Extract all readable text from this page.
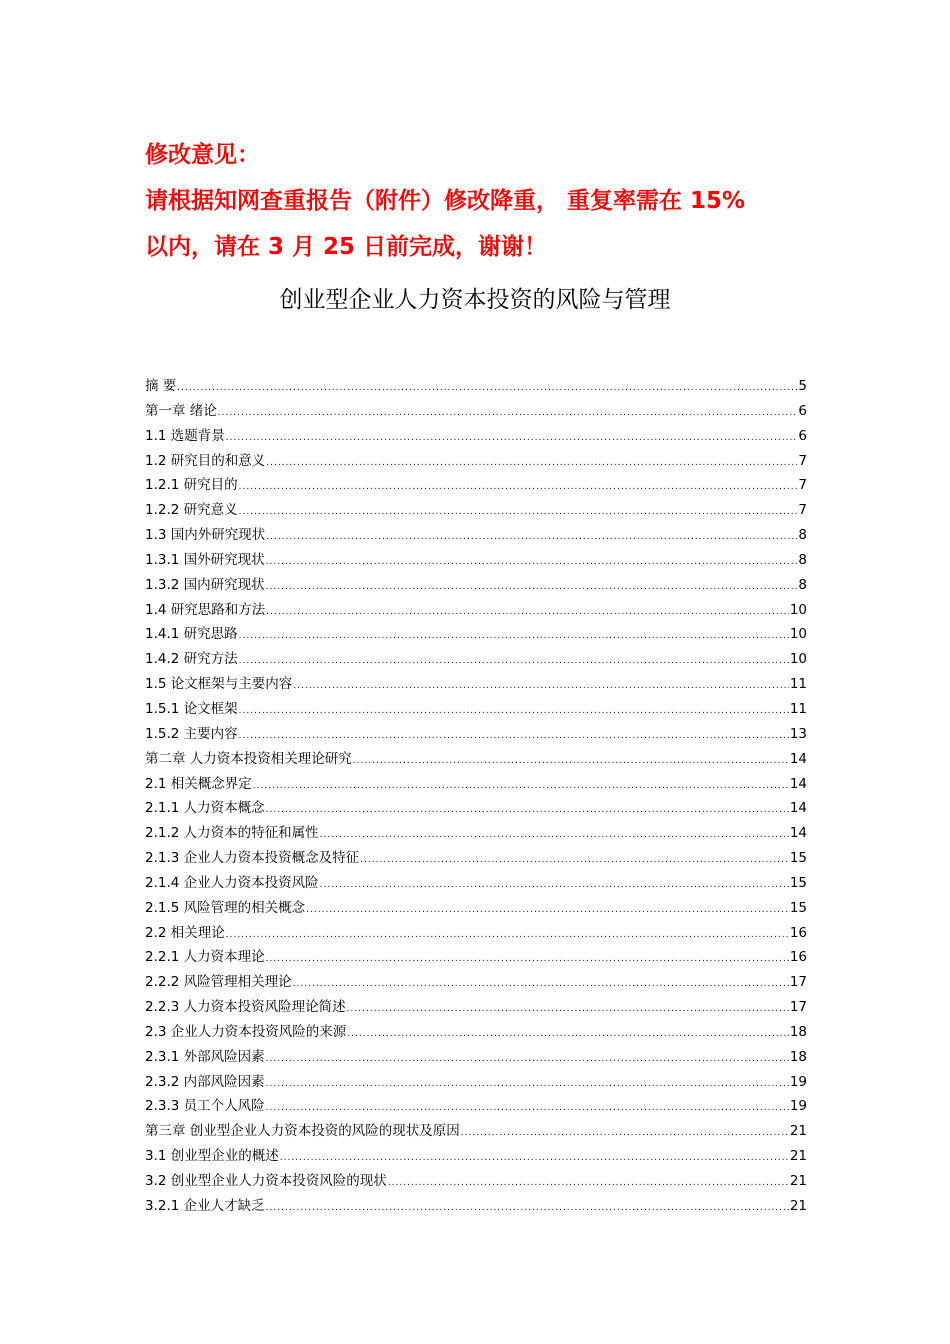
修改意见：
请根据知网查重报告（附件）修改降重， 重复率需在 15%
以内，请在 3 月 25 日前完成，谢谢！
创业型企业人力资本投资的风险与管理
摘 要 .....	5
第一章 绪论 .....	6
1.1 选题背景 .....	6
1.2 研究目的和意义 .....	7
1.2.1 研究目的 .....	7
1.2.2 研究意义 .....	7
1.3 国内外研究现状 .....	8
1.3.1 国外研究现状 .....	8
1.3.2 国内研究现状 .....	8
1.4 研究思路和方法 .....	10
1.4.1 研究思路 .....	10
1.4.2 研究方法 .....	10
1.5 论文框架与主要内容 .....	11
1.5.1 论文框架 .....	11
1.5.2 主要内容 .....	13
第二章 人力资本投资相关理论研究 .....	14
2.1 相关概念界定 .....	14
2.1.1 人力资本概念 .....	14
2.1.2 人力资本的特征和属性 .....	14
2.1.3 企业人力资本投资概念及特征 .....	15
2.1.4 企业人力资本投资风险 .....	15
2.1.5 风险管理的相关概念 .....	15
2.2 相关理论 .....	16
2.2.1 人力资本理论 .....	16
2.2.2 风险管理相关理论 .....	17
2.2.3 人力资本投资风险理论简述 .....	17
2.3 企业人力资本投资风险的来源 .....	18
2.3.1 外部风险因素 .....	18
2.3.2 内部风险因素 .....	19
2.3.3 员工个人风险 .....	19
第三章 创业型企业人力资本投资的风险的现状及原因 .....	21
3.1 创业型企业的概述 .....	21
3.2 创业型企业人力资本投资风险的现状 .....	21
3.2.1 企业人才缺乏 .....	21
